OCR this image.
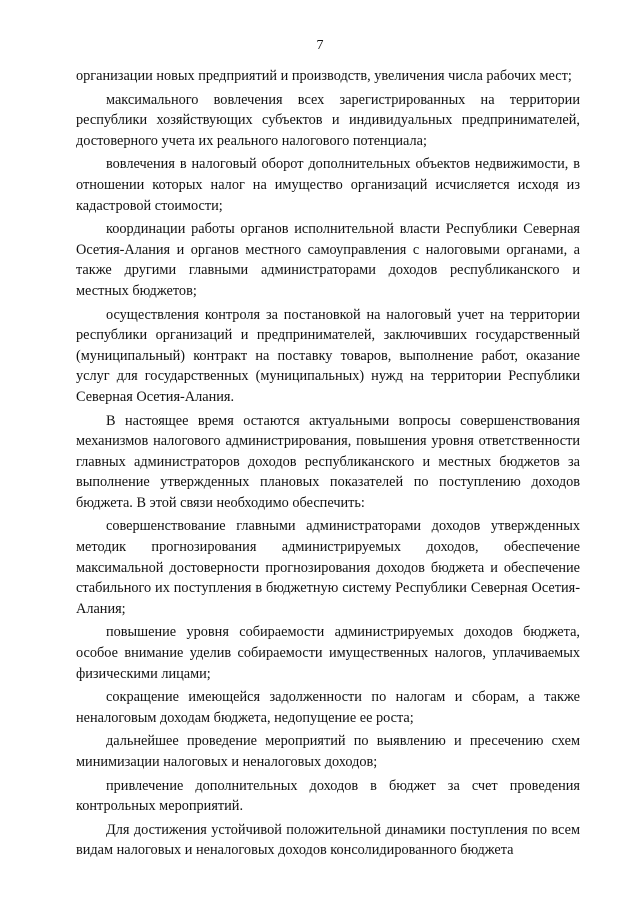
7

организации новых предприятий и производств, увеличения числа рабочих мест;

максимального вовлечения всех зарегистрированных на территории республики хозяйствующих субъектов и индивидуальных предпринимателей, достоверного учета их реального налогового потенциала;

вовлечения в налоговый оборот дополнительных объектов недвижимости, в отношении которых налог на имущество организаций исчисляется исходя из кадастровой стоимости;

координации работы органов исполнительной власти Республики Северная Осетия-Алания и органов местного самоуправления с налоговыми органами, а также другими главными администраторами доходов республиканского и местных бюджетов;

осуществления контроля за постановкой на налоговый учет на территории республики организаций и предпринимателей, заключивших государственный (муниципальный) контракт на поставку товаров, выполнение работ, оказание услуг для государственных (муниципальных) нужд на территории Республики Северная Осетия-Алания.

В настоящее время остаются актуальными вопросы совершенствования механизмов налогового администрирования, повышения уровня ответственности главных администраторов доходов республиканского и местных бюджетов за выполнение утвержденных плановых показателей по поступлению доходов бюджета. В этой связи необходимо обеспечить:

совершенствование главными администраторами доходов утвержденных методик прогнозирования администрируемых доходов, обеспечение максимальной достоверности прогнозирования доходов бюджета и обеспечение стабильного их поступления в бюджетную систему Республики Северная Осетия-Алания;

повышение уровня собираемости администрируемых доходов бюджета, особое внимание уделив собираемости имущественных налогов, уплачиваемых физическими лицами;

сокращение имеющейся задолженности по налогам и сборам, а также неналоговым доходам бюджета, недопущение ее роста;

дальнейшее проведение мероприятий по выявлению и пресечению схем минимизации налоговых и неналоговых доходов;

привлечение дополнительных доходов в бюджет за счет проведения контрольных мероприятий.

Для достижения устойчивой положительной динамики поступления по всем видам налоговых и неналоговых доходов консолидированного бюджета
